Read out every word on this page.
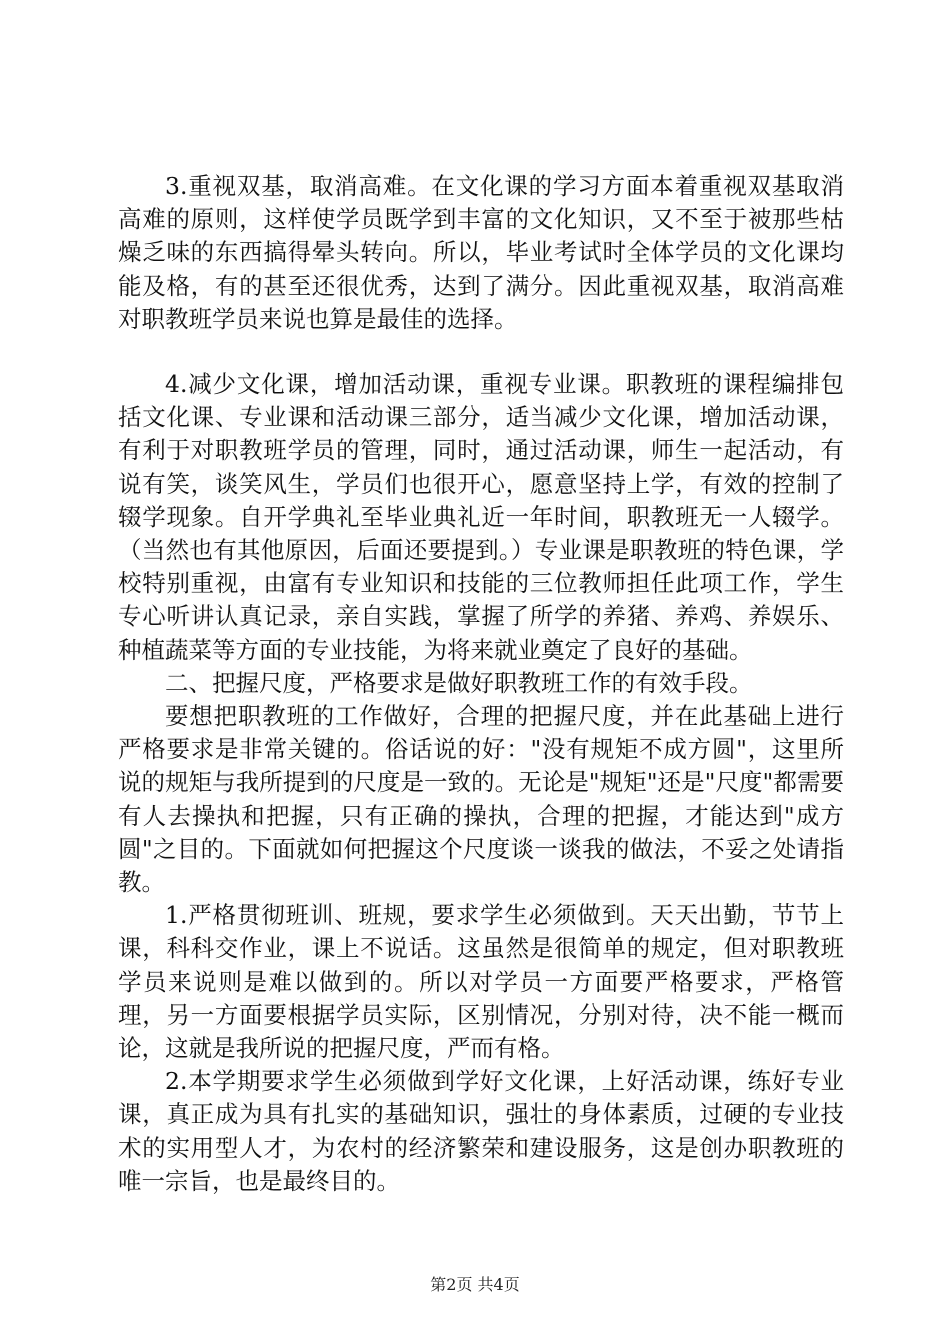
3.重视双基，取消高难。在文化课的学习方面本着重视双基取消高难的原则，这样使学员既学到丰富的文化知识，又不至于被那些枯燥乏味的东西搞得晕头转向。所以，毕业考试时全体学员的文化课均能及格，有的甚至还很优秀，达到了满分。因此重视双基，取消高难对职教班学员来说也算是最佳的选择。

4.减少文化课，增加活动课，重视专业课。职教班的课程编排包括文化课、专业课和活动课三部分，适当减少文化课，增加活动课，有利于对职教班学员的管理，同时，通过活动课，师生一起活动，有说有笑，谈笑风生，学员们也很开心，愿意坚持上学，有效的控制了辍学现象。自开学典礼至毕业典礼近一年时间，职教班无一人辍学。（当然也有其他原因，后面还要提到。）专业课是职教班的特色课，学校特别重视，由富有专业知识和技能的三位教师担任此项工作，学生专心听讲认真记录，亲自实践，掌握了所学的养猪、养鸡、养娱乐、种植蔬菜等方面的专业技能，为将来就业奠定了良好的基础。

二、把握尺度，严格要求是做好职教班工作的有效手段。

要想把职教班的工作做好，合理的把握尺度，并在此基础上进行严格要求是非常关键的。俗话说的好："没有规矩不成方圆"，这里所说的规矩与我所提到的尺度是一致的。无论是"规矩"还是"尺度"都需要有人去操执和把握，只有正确的操执，合理的把握，才能达到"成方圆"之目的。下面就如何把握这个尺度谈一谈我的做法，不妥之处请指教。

1.严格贯彻班训、班规，要求学生必须做到。天天出勤，节节上课，科科交作业，课上不说话。这虽然是很简单的规定，但对职教班学员来说则是难以做到的。所以对学员一方面要严格要求，严格管理，另一方面要根据学员实际，区别情况，分别对待，决不能一概而论，这就是我所说的把握尺度，严而有格。

2.本学期要求学生必须做到学好文化课，上好活动课，练好专业课，真正成为具有扎实的基础知识，强壮的身体素质，过硬的专业技术的实用型人才，为农村的经济繁荣和建设服务，这是创办职教班的唯一宗旨，也是最终目的。

第2页 共4页
